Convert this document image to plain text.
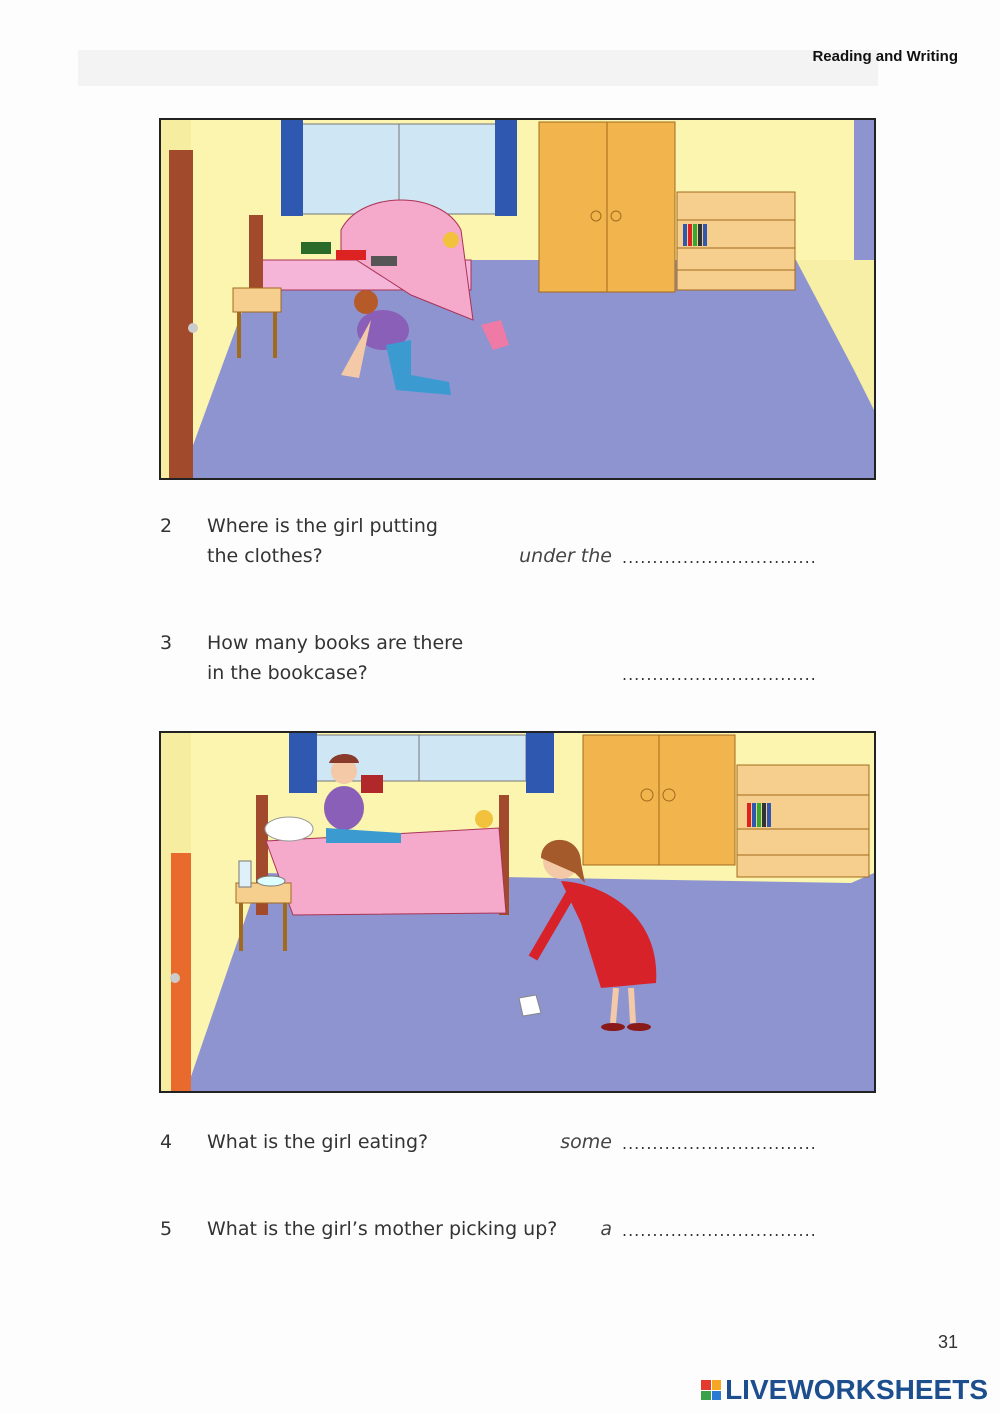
Reading and Writing
2 Where is the girl putting
the clothes?	under the ................................
3 How many books are there
in the bookcase?	................................
4 What is the girl eating?	some ................................
5 What is the girl’s mother picking up? a ................................
31
LIVEWORKSHEETS
